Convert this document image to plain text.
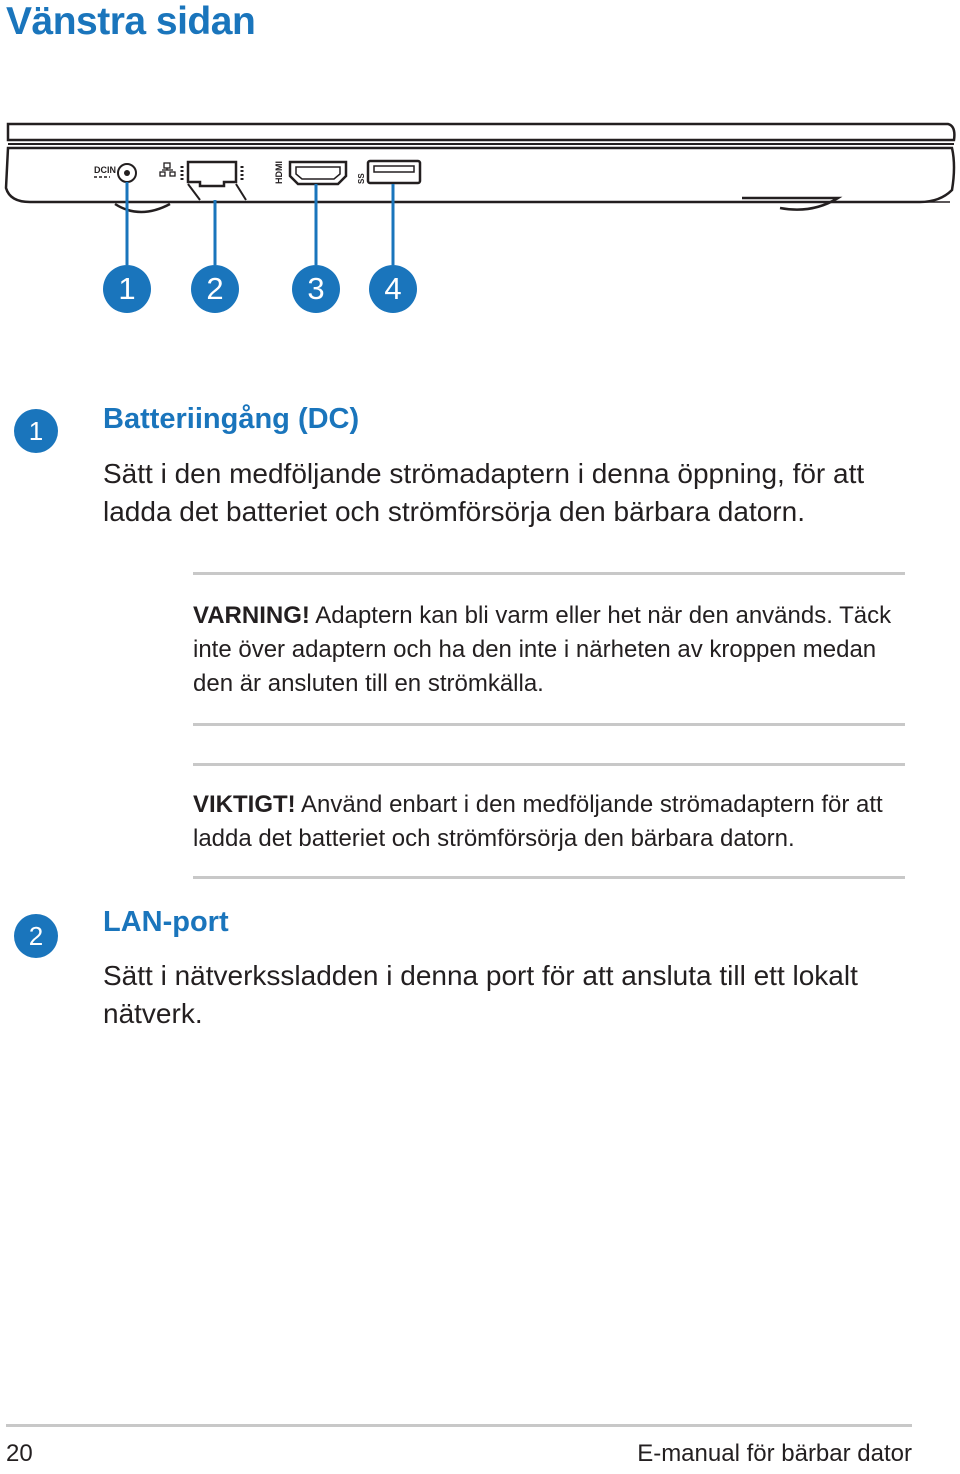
Vänstra sidan
DCIN	HDMI	SS
1	2	3	4
1	Batteriingång (DC)

Sätt i den medföljande strömadaptern i denna öppning, för att ladda det batteriet och strömförsörja den bärbara datorn.

VARNING! Adaptern kan bli varm eller het när den används. Täck inte över adaptern och ha den inte i närheten av kroppen medan den är ansluten till en strömkälla.

VIKTIGT! Använd enbart i den medföljande strömadaptern för att ladda det batteriet och strömförsörja den bärbara datorn.

2	LAN-port

Sätt i nätverkssladden i denna port för att ansluta till ett lokalt nätverk.

20	E-manual för bärbar dator
